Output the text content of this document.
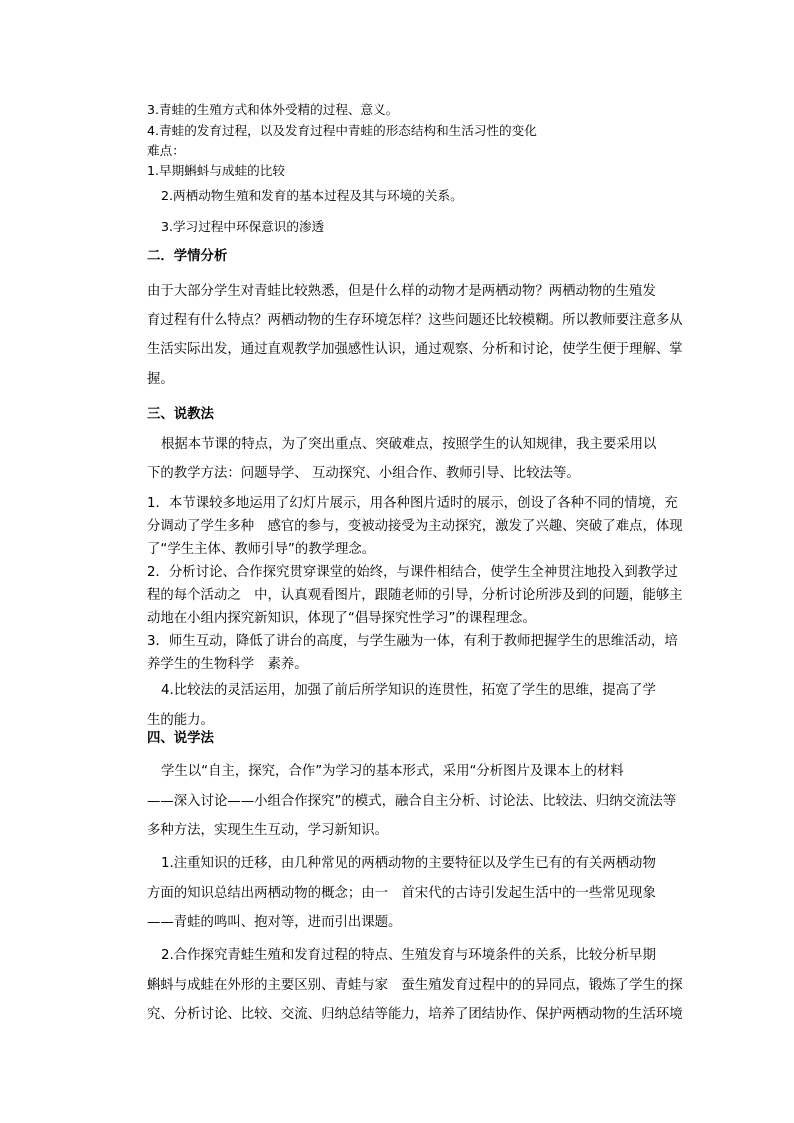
3.青蛙的生殖方式和体外受精的过程、意义。
4.青蛙的发育过程，以及发育过程中青蛙的形态结构和生活习性的变化
难点：
1.早期蝌蚪与成蛙的比较
2.两栖动物生殖和发育的基本过程及其与环境的关系。
3.学习过程中环保意识的渗透
二．学情分析
由于大部分学生对青蛙比较熟悉，但是什么样的动物才是两栖动物？两栖动物的生殖发
育过程有什么特点？两栖动物的生存环境怎样？这些问题还比较模糊。所以教师要注意多从
生活实际出发，通过直观教学加强感性认识，通过观察、分析和讨论，使学生便于理解、掌
握。
三、说教法
根据本节课的特点，为了突出重点、突破难点，按照学生的认知规律，我主要采用以
下的教学方法：问题导学、 互动探究、小组合作、教师引导、比较法等。
1．本节课较多地运用了幻灯片展示，用各种图片适时的展示，创设了各种不同的情境，充
分调动了学生多种　感官的参与，变被动接受为主动探究，激发了兴趣、突破了难点，体现
了“学生主体、教师引导”的教学理念。
2．分析讨论、合作探究贯穿课堂的始终，与课件相结合，使学生全神贯注地投入到教学过
程的每个活动之　中，认真观看图片，跟随老师的引导，分析讨论所涉及到的问题，能够主
动地在小组内探究新知识，体现了“倡导探究性学习”的课程理念。
3．师生互动，降低了讲台的高度，与学生融为一体，有利于教师把握学生的思维活动，培
养学生的生物科学　素养。
4.比较法的灵活运用，加强了前后所学知识的连贯性，拓宽了学生的思维，提高了学
生的能力。
四、说学法
学生以“自主，探究，合作”为学习的基本形式，采用“分析图片及课本上的材料
——深入讨论——小组合作探究”的模式，融合自主分析、讨论法、比较法、归纳交流法等
多种方法，实现生生互动，学习新知识。
1.注重知识的迁移，由几种常见的两栖动物的主要特征以及学生已有的有关两栖动物
方面的知识总结出两栖动物的概念；由一　首宋代的古诗引发起生活中的一些常见现象
——青蛙的鸣叫、抱对等，进而引出课题。
2.合作探究青蛙生殖和发育过程的特点、生殖发育与环境条件的关系，比较分析早期
蝌蚪与成蛙在外形的主要区别、青蛙与家　蚕生殖发育过程中的的异同点，锻炼了学生的探
究、分析讨论、比较、交流、归纳总结等能力，培养了团结协作、保护两栖动物的生活环境
